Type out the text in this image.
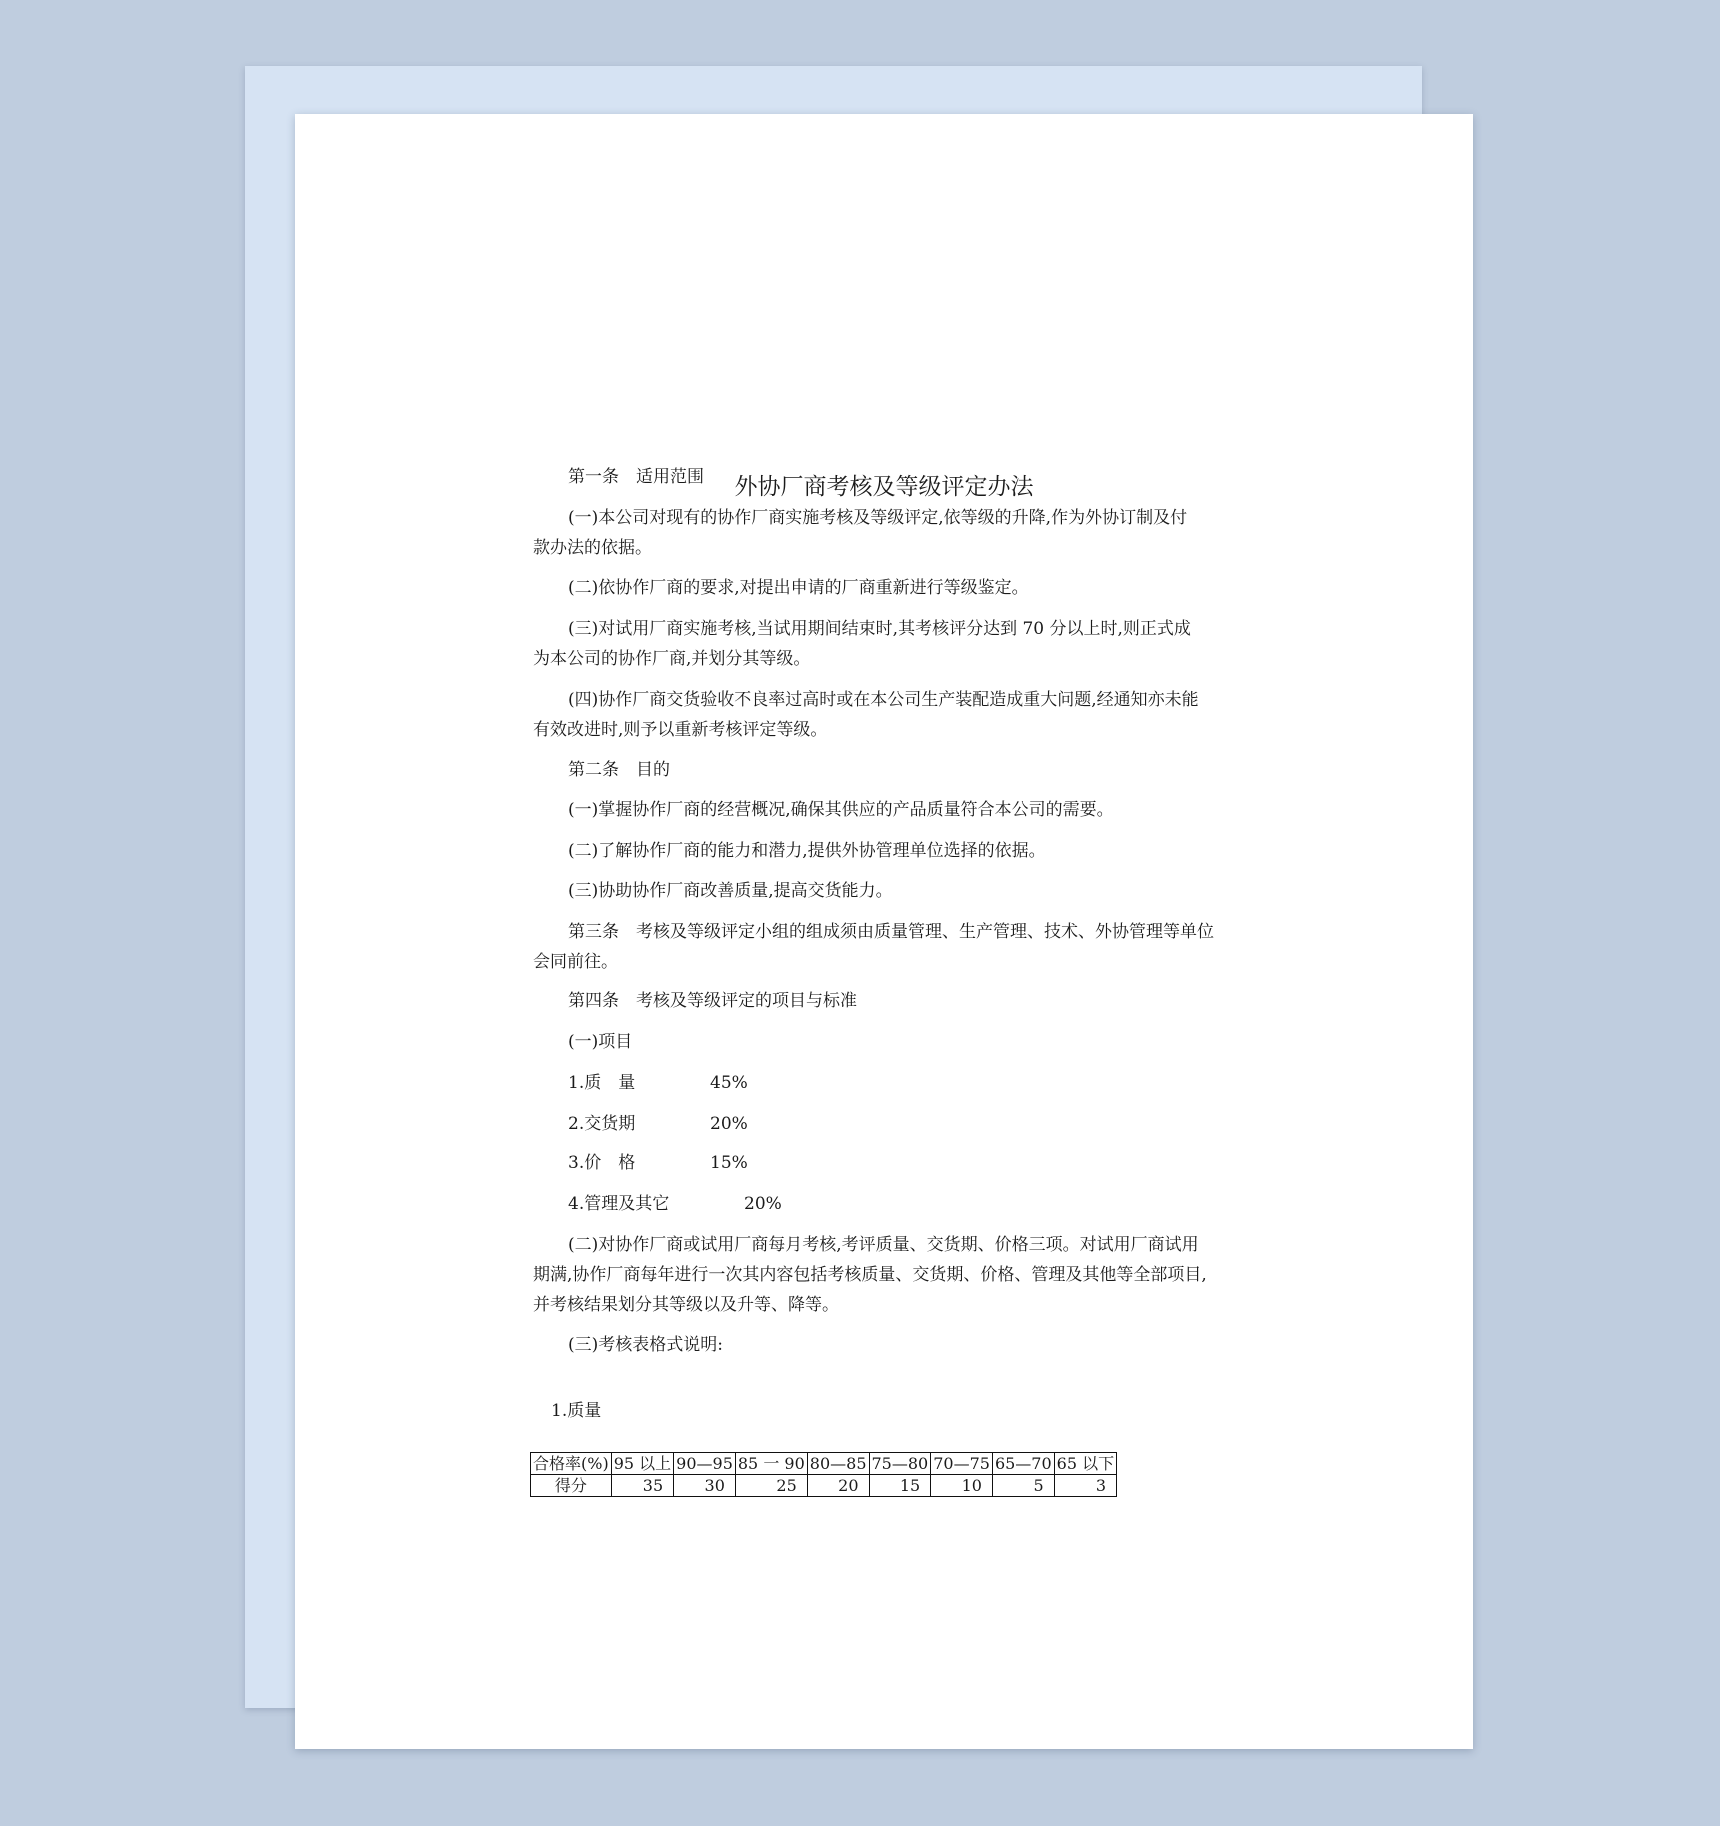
外协厂商考核及等级评定办法
第一条　适用范围
(一)本公司对现有的协作厂商实施考核及等级评定,依等级的升降,作为外协订制及付
款办法的依据。
(二)依协作厂商的要求,对提出申请的厂商重新进行等级鉴定。
(三)对试用厂商实施考核,当试用期间结束时,其考核评分达到 70 分以上时,则正式成
为本公司的协作厂商,并划分其等级。
(四)协作厂商交货验收不良率过高时或在本公司生产装配造成重大问题,经通知亦未能
有效改进时,则予以重新考核评定等级。
第二条　目的
(一)掌握协作厂商的经营概况,确保其供应的产品质量符合本公司的需要。
(二)了解协作厂商的能力和潜力,提供外协管理单位选择的依据。
(三)协助协作厂商改善质量,提高交货能力。
第三条　考核及等级评定小组的组成须由质量管理、生产管理、技术、外协管理等单位
会同前往。
第四条　考核及等级评定的项目与标准
(一)项目
1.质　量	45%
2.交货期	20%
3.价　格	15%
4.管理及其它	20%
(二)对协作厂商或试用厂商每月考核,考评质量、交货期、价格三项。对试用厂商试用
期满,协作厂商每年进行一次其内容包括考核质量、交货期、价格、管理及其他等全部项目,
并考核结果划分其等级以及升等、降等。
(三)考核表格式说明:
1.质量
合格率(%)	95 以上	90—95	85 一 90	80—85	75—80	70—75	65—70	65 以下
得分	35	30	25	20	15	10	5	3
